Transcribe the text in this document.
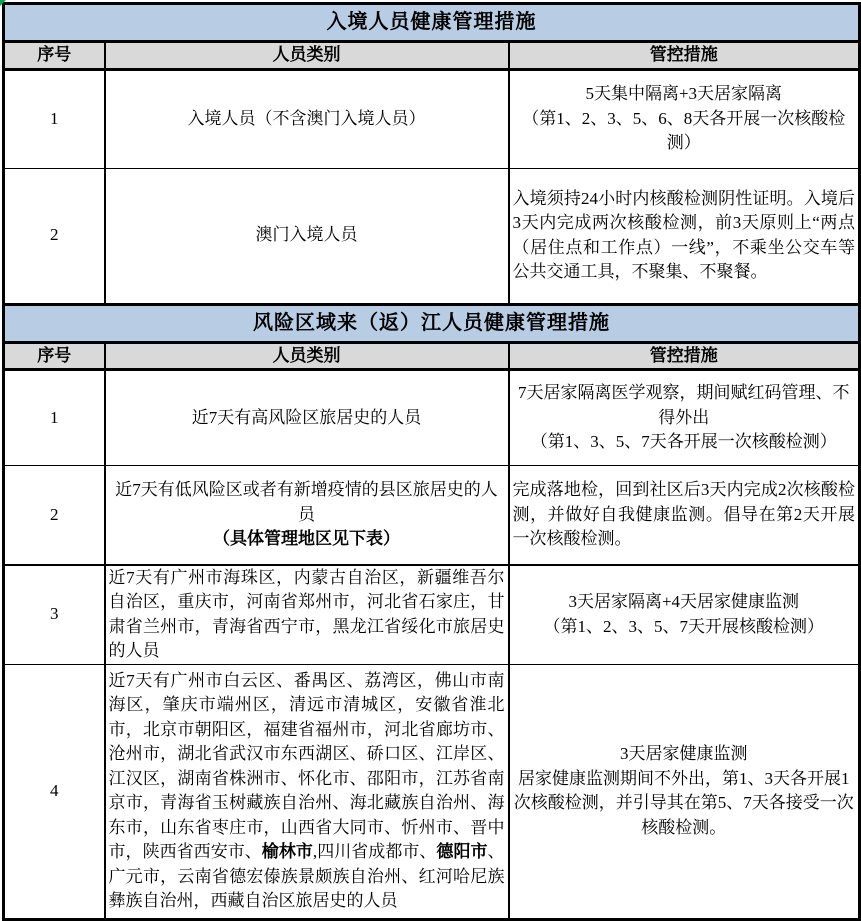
入境人员健康管理措施		
序号	人员类别	管控措施
1	入境人员（不含澳门入境人员）	5天集中隔离+3天居家隔离
（第1、2、3、5、6、8天各开展一次核酸检测）

2	澳门入境人员	入境须持24小时内核酸检测阴性证明。入境后3天内完成两次核酸检测，前3天原则上“两点（居住点和工作点）一线”，不乘坐公交车等公共交通工具，不聚集、不聚餐。

风险区域来（返）江人员健康管理措施		
序号	人员类别	管控措施
1	近7天有高风险区旅居史的人员	7天居家隔离医学观察，期间赋红码管理、不得外出
（第1、3、5、7天各开展一次核酸检测）

2	近7天有低风险区或者有新增疫情的县区旅居史的人员
（具体管理地区见下表）	完成落地检，回到社区后3天内完成2次核酸检测，并做好自我健康监测。倡导在第2天开展一次核酸检测。

3	近7天有广州市海珠区，内蒙古自治区，新疆维吾尔自治区，重庆市，河南省郑州市，河北省石家庄，甘肃省兰州市，青海省西宁市，黑龙江省绥化市旅居史的人员	3天居家隔离+4天居家健康监测
（第1、2、3、5、7天开展核酸检测）

4	近7天有广州市白云区、番禺区、荔湾区，佛山市南海区，肇庆市端州区，清远市清城区，安徽省淮北市，北京市朝阳区，福建省福州市，河北省廊坊市、沧州市，湖北省武汉市东西湖区、硚口区、江岸区、江汉区，湖南省株洲市、怀化市、邵阳市，江苏省南京市，青海省玉树藏族自治州、海北藏族自治州、海东市，山东省枣庄市，山西省大同市、忻州市、晋中市，陕西省西安市、榆林市,四川省成都市、德阳市、广元市，云南省德宏傣族景颇族自治州、红河哈尼族彝族自治州，西藏自治区旅居史的人员	3天居家健康监测
居家健康监测期间不外出，第1、3天各开展1次核酸检测，并引导其在第5、7天各接受一次核酸检测。
